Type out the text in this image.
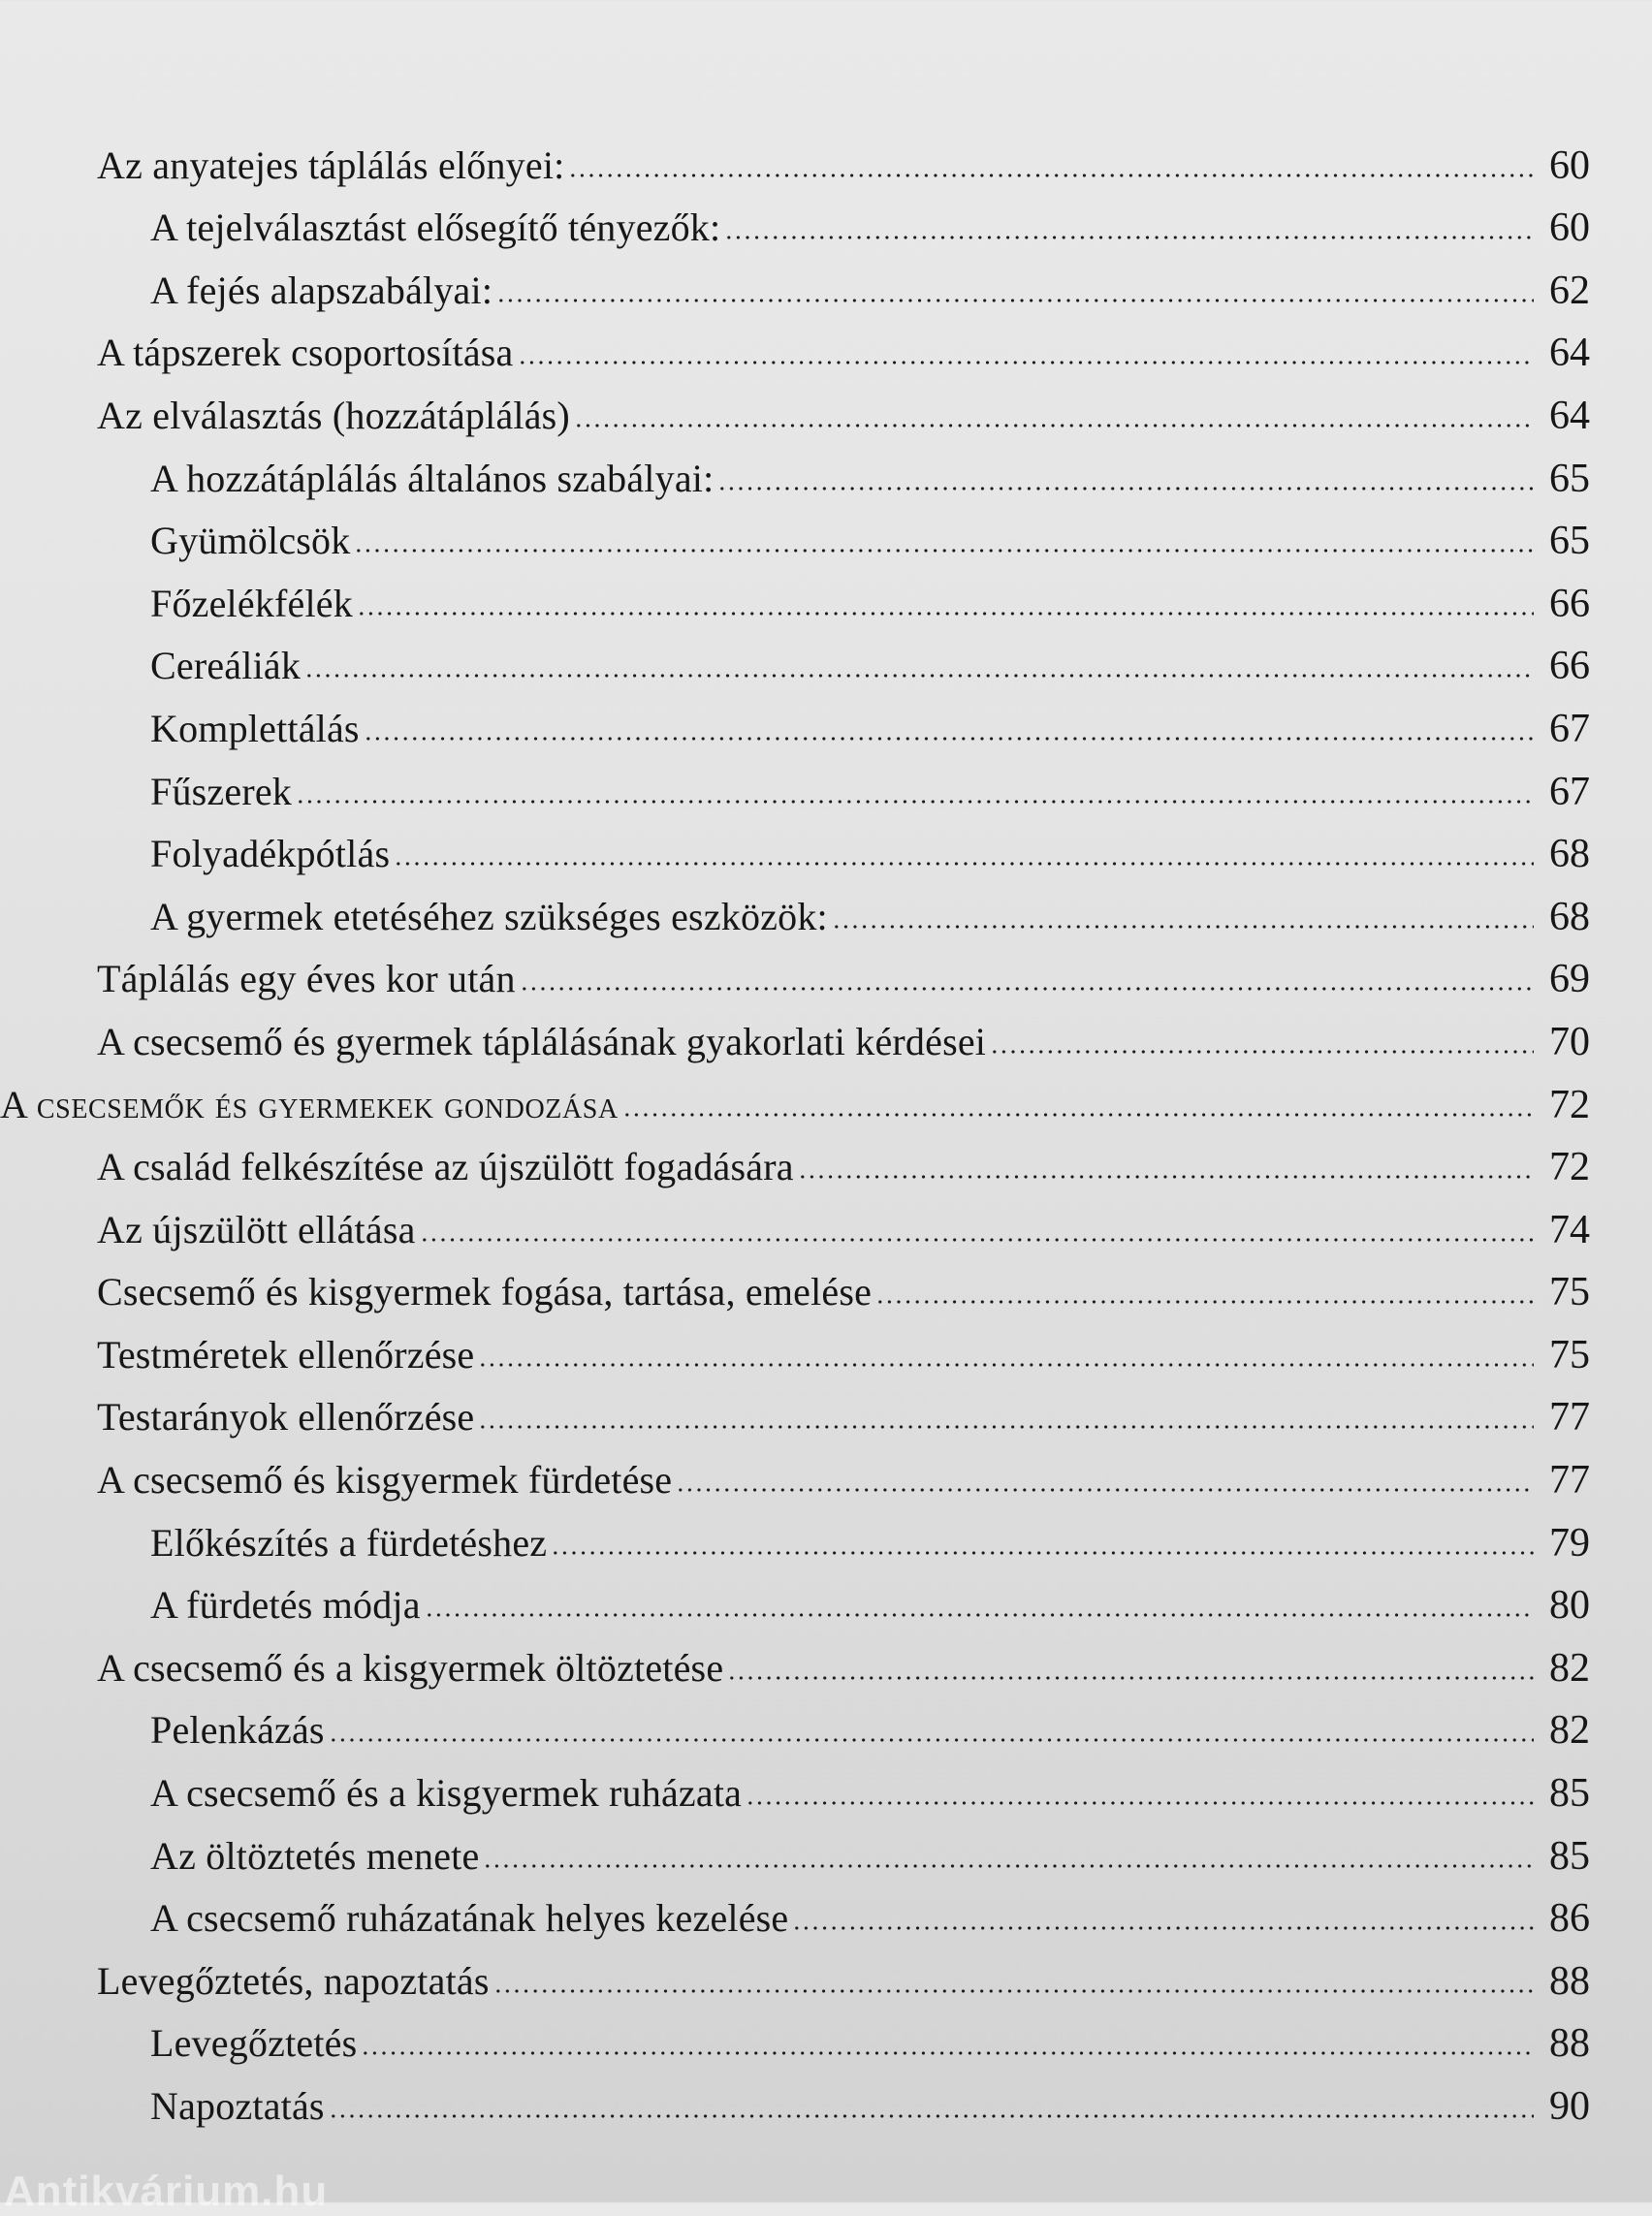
Az anyatejes táplálás előnyei:	60
A tejelválasztást elősegítő tényezők:	60
A fejés alapszabályai:	62
A tápszerek csoportosítása	64
Az elválasztás (hozzátáplálás)	64
A hozzátáplálás általános szabályai:	65
Gyümölcsök	65
Főzelékfélék	66
Cereáliák	66
Komplettálás	67
Fűszerek	67
Folyadékpótlás	68
A gyermek etetéséhez szükséges eszközök:	68
Táplálás egy éves kor után	69
A csecsemő és gyermek táplálásának gyakorlati kérdései	70
A csecsemők és gyermekek gondozása	72
A család felkészítése az újszülött fogadására	72
Az újszülött ellátása	74
Csecsemő és kisgyermek fogása, tartása, emelése	75
Testméretek ellenőrzése	75
Testarányok ellenőrzése	77
A csecsemő és kisgyermek fürdetése	77
Előkészítés a fürdetéshez	79
A fürdetés módja	80
A csecsemő és a kisgyermek öltöztetése	82
Pelenkázás	82
A csecsemő és a kisgyermek ruházata	85
Az öltöztetés menete	85
A csecsemő ruházatának helyes kezelése	86
Levegőztetés, napoztatás	88
Levegőztetés	88
Napoztatás	90
Antikvárium.hu
